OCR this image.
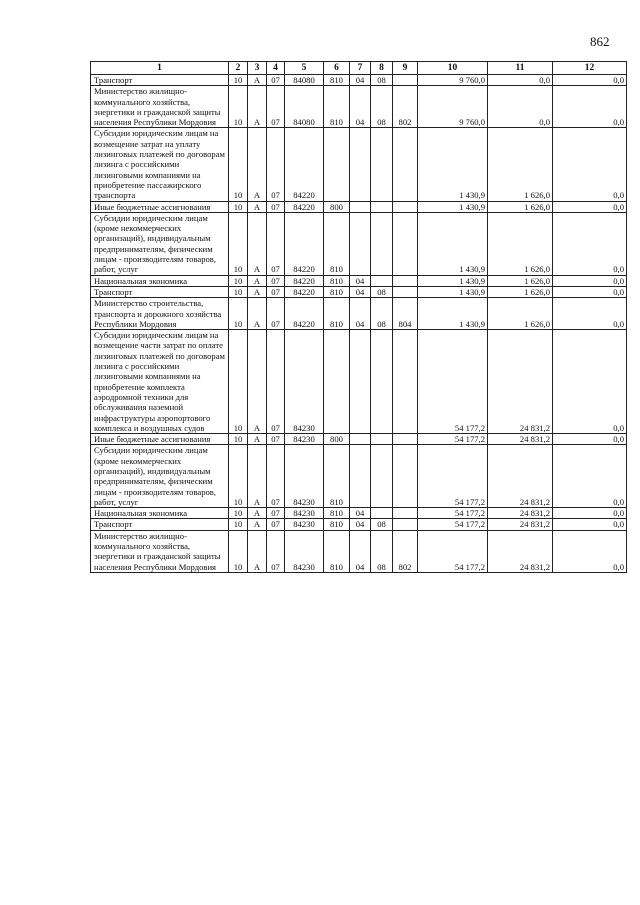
862
1	2	3	4	5	6	7	8	9	10	11	12
Транспорт	10	А	07	84080	810	04	08		9 760,0	0,0	0,0
Министерство жилищно-коммунального хозяйства, энергетики и гражданской защиты населения Республики Мордовия	10	А	07	84080	810	04	08	802	9 760,0	0,0	0,0
Субсидии юридическим лицам на возмещение затрат на уплату лизинговых платежей по договорам лизинга с российскими лизинговыми компаниями на приобретение пассажирского транспорта	10	А	07	84220					1 430,9	1 626,0	0,0
Иные бюджетные ассигнования	10	А	07	84220	800				1 430,9	1 626,0	0,0
Субсидии юридическим лицам (кроме некоммерческих организаций), индивидуальным предпринимателям, физическим лицам - производителям товаров, работ, услуг	10	А	07	84220	810				1 430,9	1 626,0	0,0
Национальная экономика	10	А	07	84220	810	04			1 430,9	1 626,0	0,0
Транспорт	10	А	07	84220	810	04	08		1 430,9	1 626,0	0,0
Министерство строительства, транспорта и дорожного хозяйства Республики Мордовия	10	А	07	84220	810	04	08	804	1 430,9	1 626,0	0,0
Субсидии юридическим лицам на возмещение части затрат по оплате лизинговых платежей по договорам лизинга с российскими лизинговыми компаниями на приобретение комплекта аэродромной техники для обслуживания наземной инфраструктуры аэропортового комплекса и воздушных судов	10	А	07	84230					54 177,2	24 831,2	0,0
Иные бюджетные ассигнования	10	А	07	84230	800				54 177,2	24 831,2	0,0
Субсидии юридическим лицам (кроме некоммерческих организаций), индивидуальным предпринимателям, физическим лицам - производителям товаров, работ, услуг	10	А	07	84230	810				54 177,2	24 831,2	0,0
Национальная экономика	10	А	07	84230	810	04			54 177,2	24 831,2	0,0
Транспорт	10	А	07	84230	810	04	08		54 177,2	24 831,2	0,0
Министерство жилищно-коммунального хозяйства, энергетики и гражданской защиты населения Республики Мордовия	10	А	07	84230	810	04	08	802	54 177,2	24 831,2	0,0
